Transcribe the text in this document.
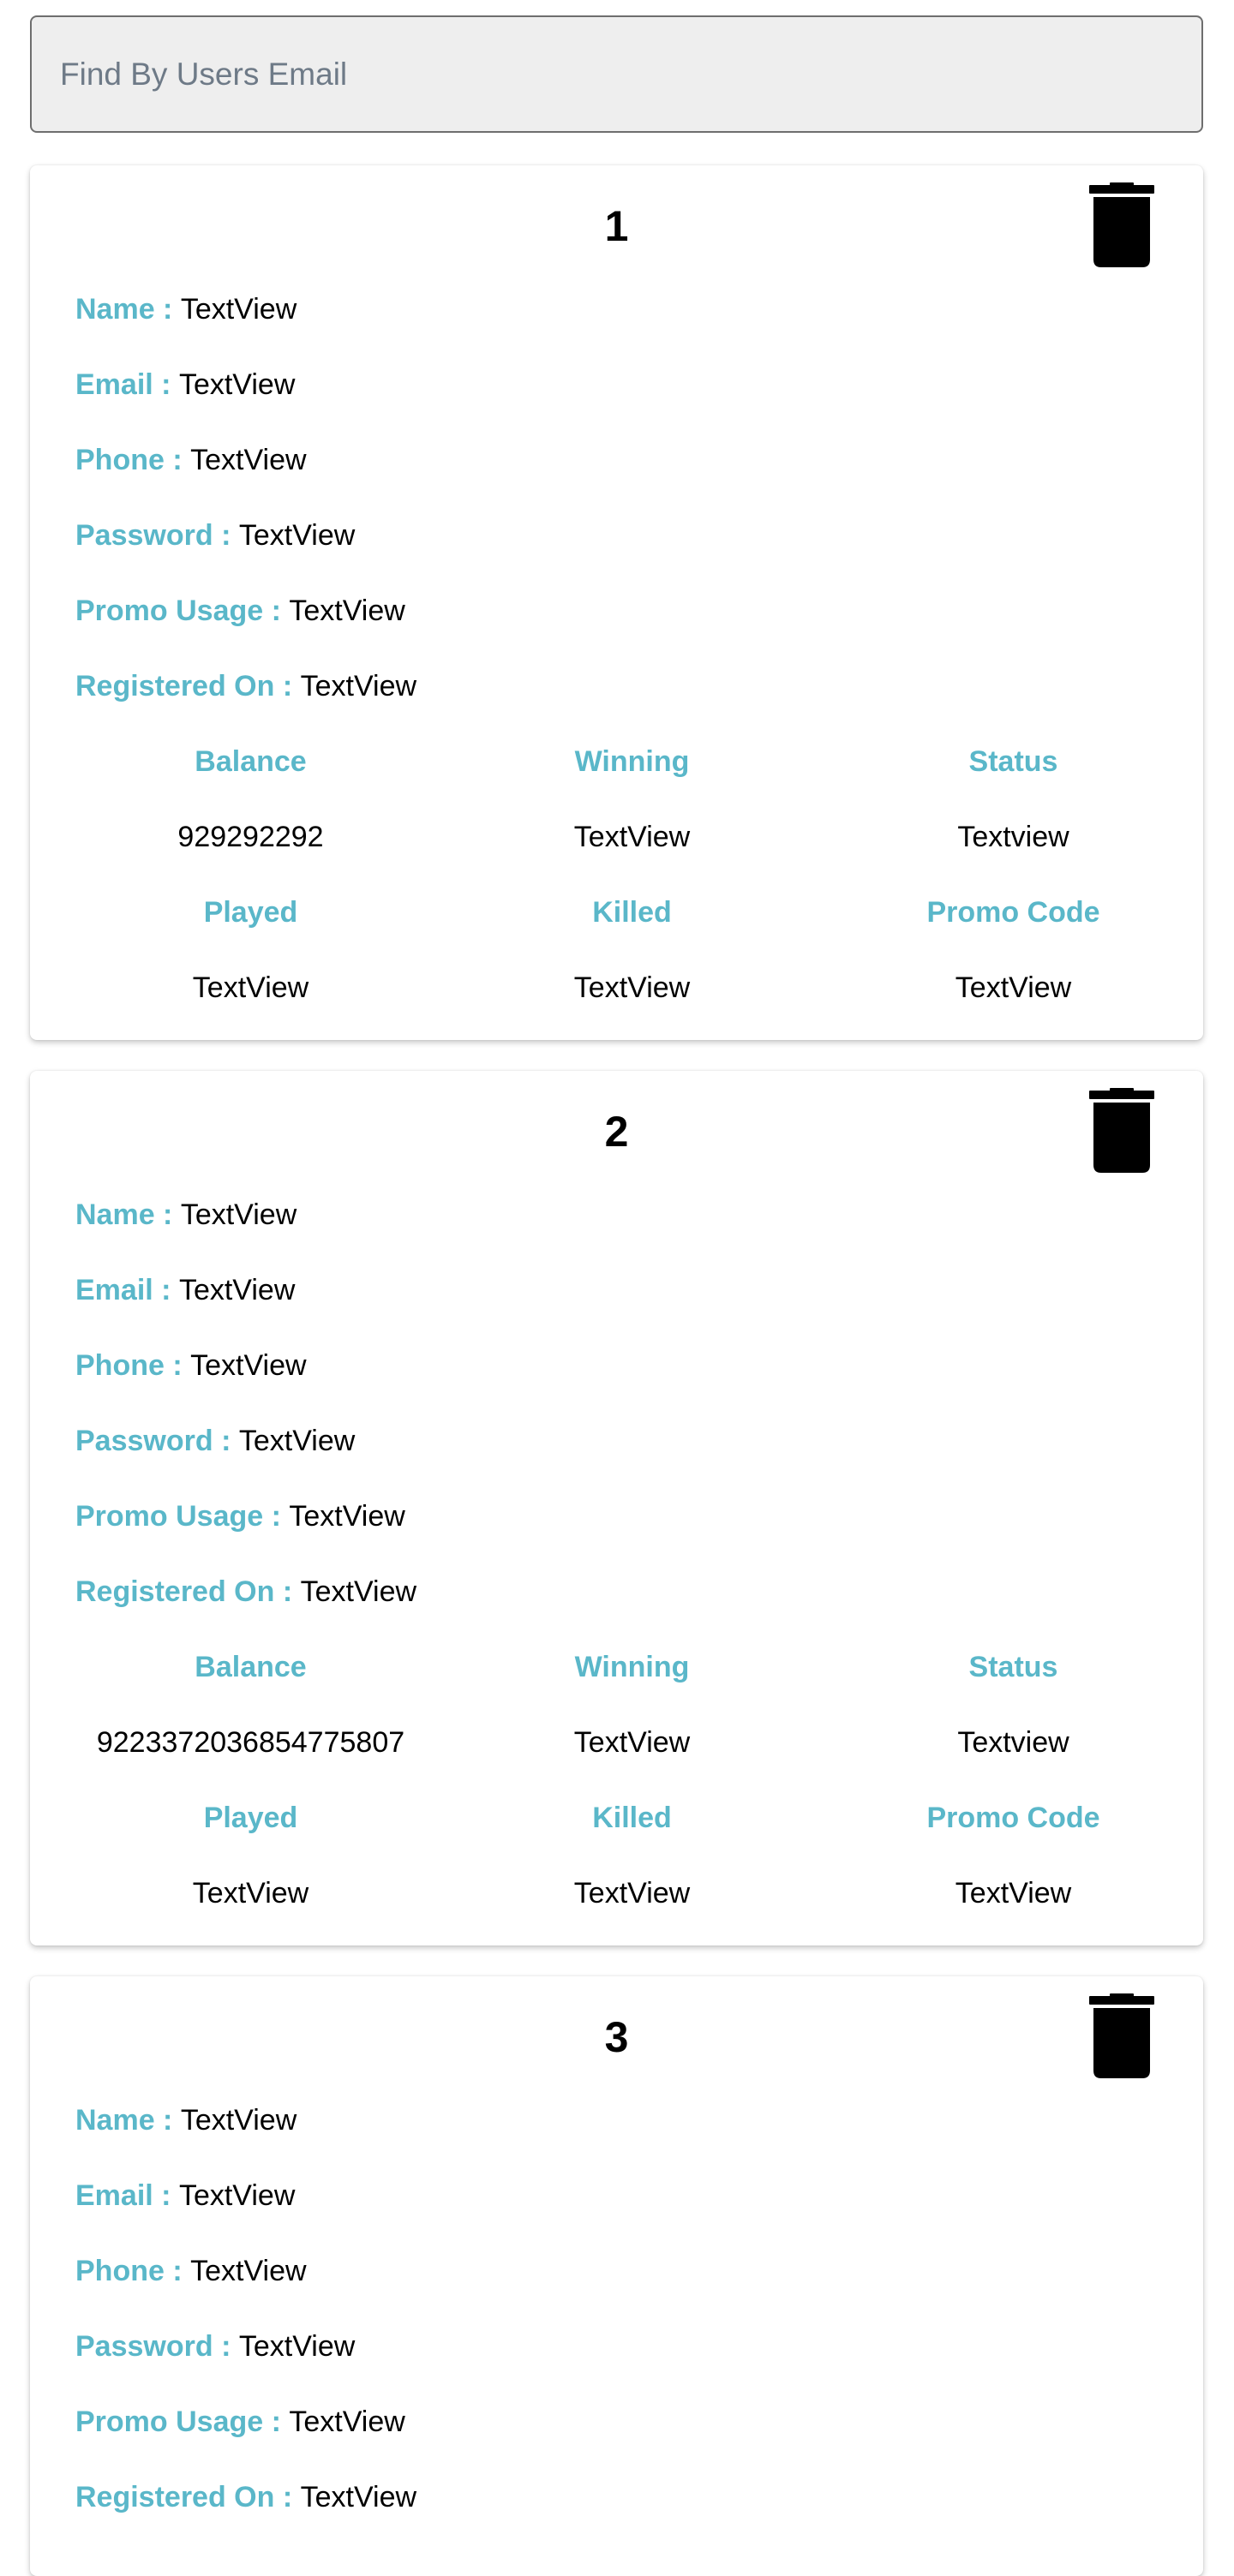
Find By Users Email
1
Name : TextView
Email : TextView
Phone : TextView
Password : TextView
Promo Usage : TextView
Registered On : TextView
Balance	Winning	Status
929292292	TextView	Textview
Played	Killed	Promo Code
TextView	TextView	TextView
2
Name : TextView
Email : TextView
Phone : TextView
Password : TextView
Promo Usage : TextView
Registered On : TextView
Balance	Winning	Status
9223372036854775807	TextView	Textview
Played	Killed	Promo Code
TextView	TextView	TextView
3
Name : TextView
Email : TextView
Phone : TextView
Password : TextView
Promo Usage : TextView
Registered On : TextView
